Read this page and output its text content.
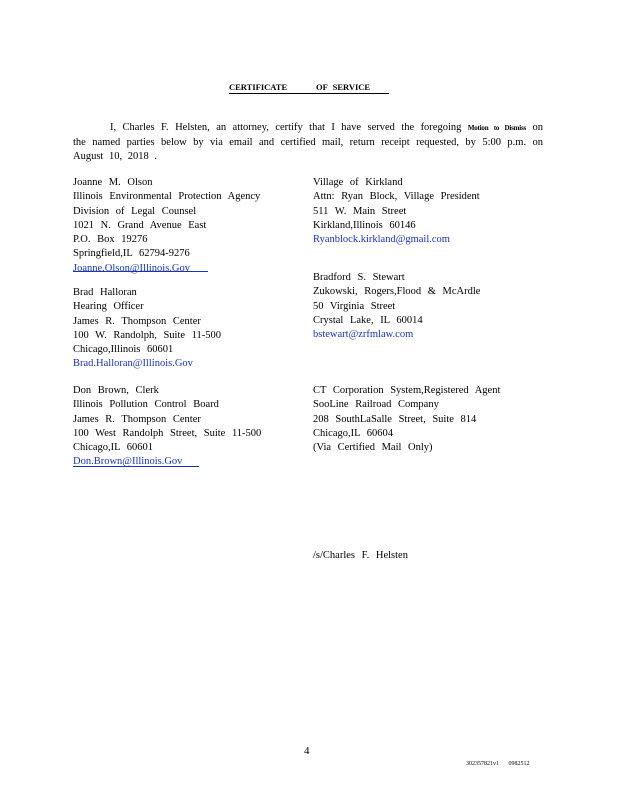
CERTIFICATE	OF SERVICE
I, Charles F. Helsten, an attorney, certify that I have served the foregoing Motion to Dismiss on the named parties below by via email and certified mail, return receipt requested, by 5:00 p.m. on August 10, 2018 .
Joanne M. Olson
Illinois Environmental Protection Agency
Division of Legal Counsel
1021 N. Grand Avenue East
P.O. Box 19276
Springfield,IL 62794-9276
Joanne.Olson@Illinois.Gov
Brad Halloran
Hearing Officer
James R. Thompson Center
100 W. Randolph, Suite 11-500
Chicago,Illinois 60601
Brad.Halloran@Illinois.Gov
Don Brown, Clerk
Illinois Pollution Control Board
James R. Thompson Center
100 West Randolph Street, Suite 11-500
Chicago,IL 60601
Don.Brown@Illinois.Gov
Village of Kirkland
Attn: Ryan Block, Village President
511 W. Main Street
Kirkland,Illinois 60146
Ryanblock.kirkland@gmail.com
Bradford S. Stewart
Zukowski, Rogers,Flood & McArdle
50 Virginia Street
Crystal Lake, IL 60014
bstewart@zrfmlaw.com
CT Corporation System,Registered Agent
SooLine Railroad Company
208 SouthLaSalle Street, Suite 814
Chicago,IL 60604
(Via Certified Mail Only)
/s/Charles F. Helsten
4
302357821v1 0982512
